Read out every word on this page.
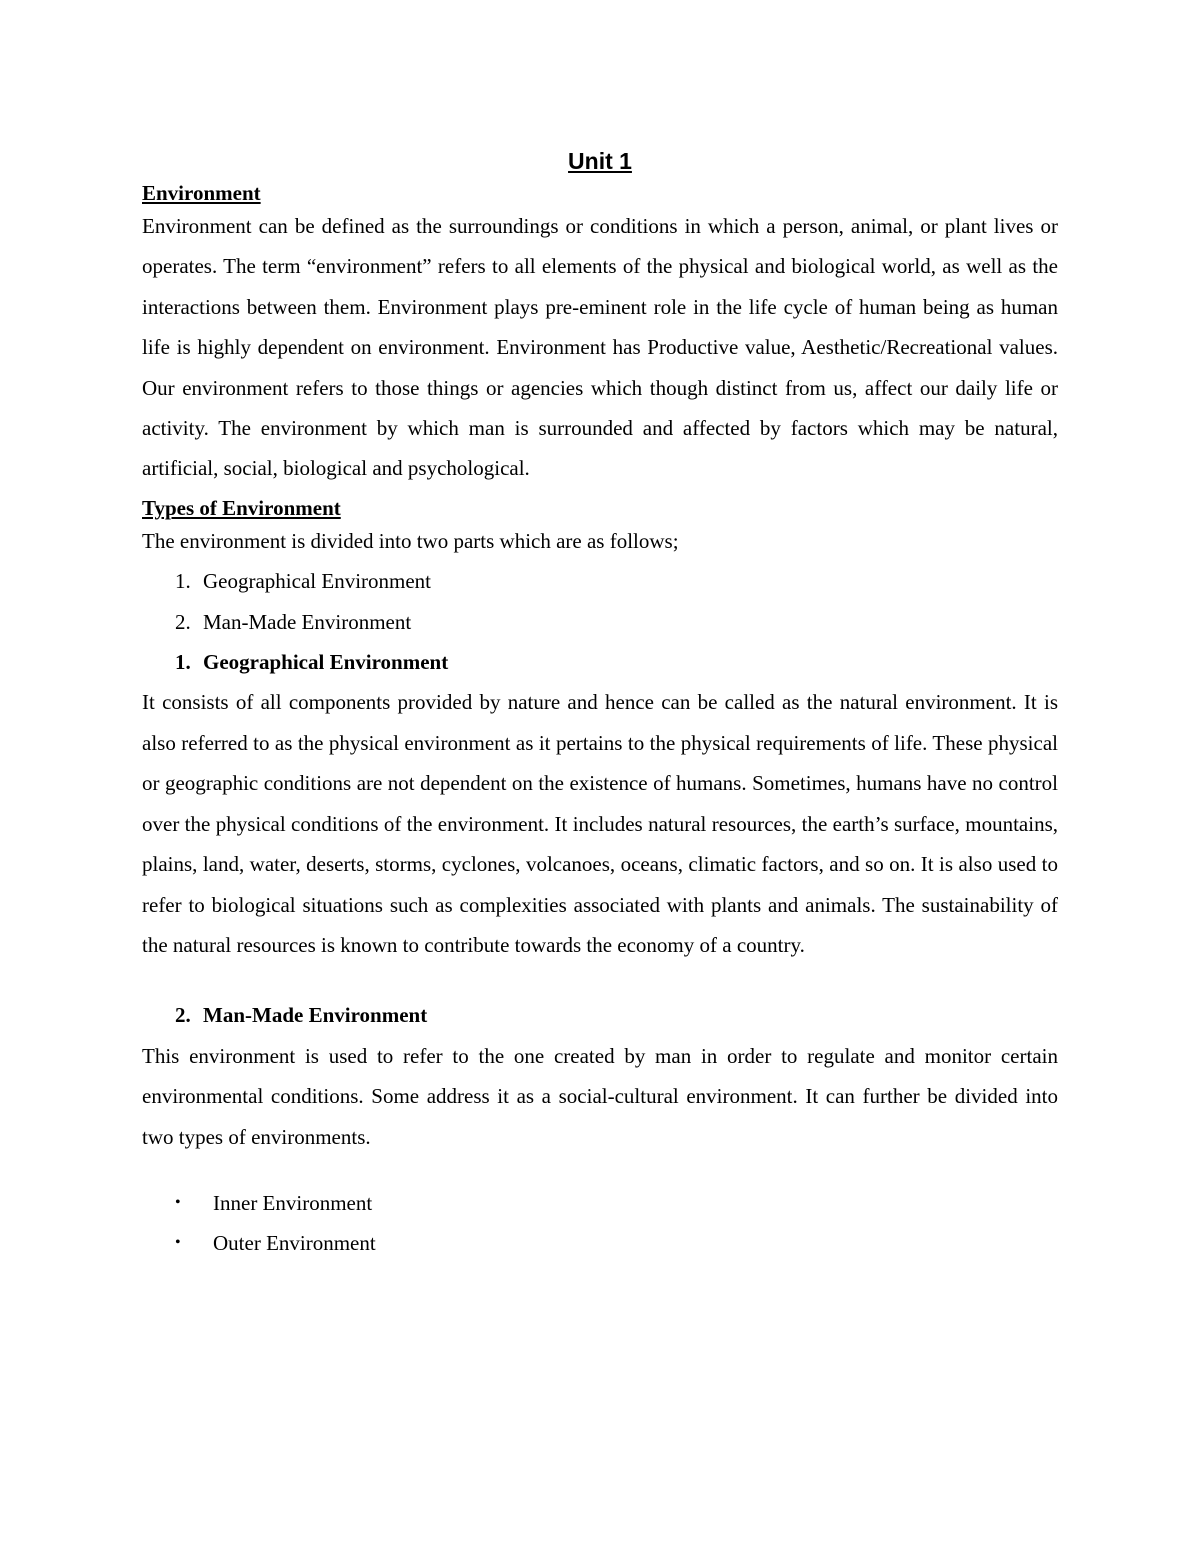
Unit 1
Environment

Environment can be defined as the surroundings or conditions in which a person, animal, or plant lives or operates. The term “environment” refers to all elements of the physical and biological world, as well as the interactions between them. Environment plays pre-eminent role in the life cycle of human being as human life is highly dependent on environment. Environment has Productive value, Aesthetic/Recreational values. Our environment refers to those things or agencies which though distinct from us, affect our daily life or activity. The environment by which man is surrounded and affected by factors which may be natural, artificial, social, biological and psychological.

Types of Environment

The environment is divided into two parts which are as follows;

1. Geographical Environment
2. Man-Made Environment
1. Geographical Environment

It consists of all components provided by nature and hence can be called as the natural environment. It is also referred to as the physical environment as it pertains to the physical requirements of life. These physical or geographic conditions are not dependent on the existence of humans. Sometimes, humans have no control over the physical conditions of the environment. It includes natural resources, the earth’s surface, mountains, plains, land, water, deserts, storms, cyclones, volcanoes, oceans, climatic factors, and so on. It is also used to refer to biological situations such as complexities associated with plants and animals. The sustainability of the natural resources is known to contribute towards the economy of a country.

2. Man-Made Environment

This environment is used to refer to the one created by man in order to regulate and monitor certain environmental conditions. Some address it as a social-cultural environment. It can further be divided into two types of environments.

•	Inner Environment
•	Outer Environment
